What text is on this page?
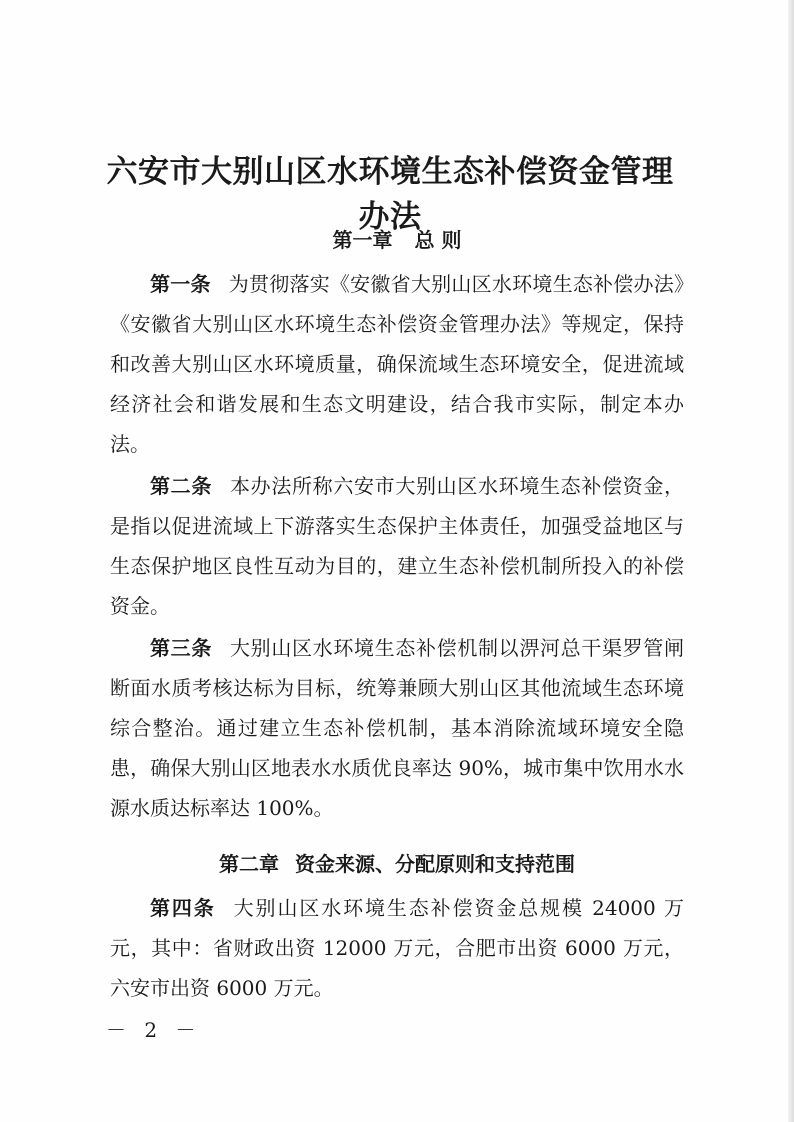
六安市大别山区水环境生态补偿资金管理办法
第一章 总 则
第一条 为贯彻落实《安徽省大别山区水环境生态补偿办法》《安徽省大别山区水环境生态补偿资金管理办法》等规定，保持和改善大别山区水环境质量，确保流域生态环境安全，促进流域经济社会和谐发展和生态文明建设，结合我市实际，制定本办法。
第二条 本办法所称六安市大别山区水环境生态补偿资金，是指以促进流域上下游落实生态保护主体责任，加强受益地区与生态保护地区良性互动为目的，建立生态补偿机制所投入的补偿资金。
第三条 大别山区水环境生态补偿机制以淠河总干渠罗管闸断面水质考核达标为目标，统筹兼顾大别山区其他流域生态环境综合整治。通过建立生态补偿机制，基本消除流域环境安全隐患，确保大别山区地表水水质优良率达 90%，城市集中饮用水水源水质达标率达 100%。
第二章 资金来源、分配原则和支持范围
第四条 大别山区水环境生态补偿资金总规模 24000 万元，其中：省财政出资 12000 万元，合肥市出资 6000 万元，六安市出资 6000 万元。
－ 2 －
